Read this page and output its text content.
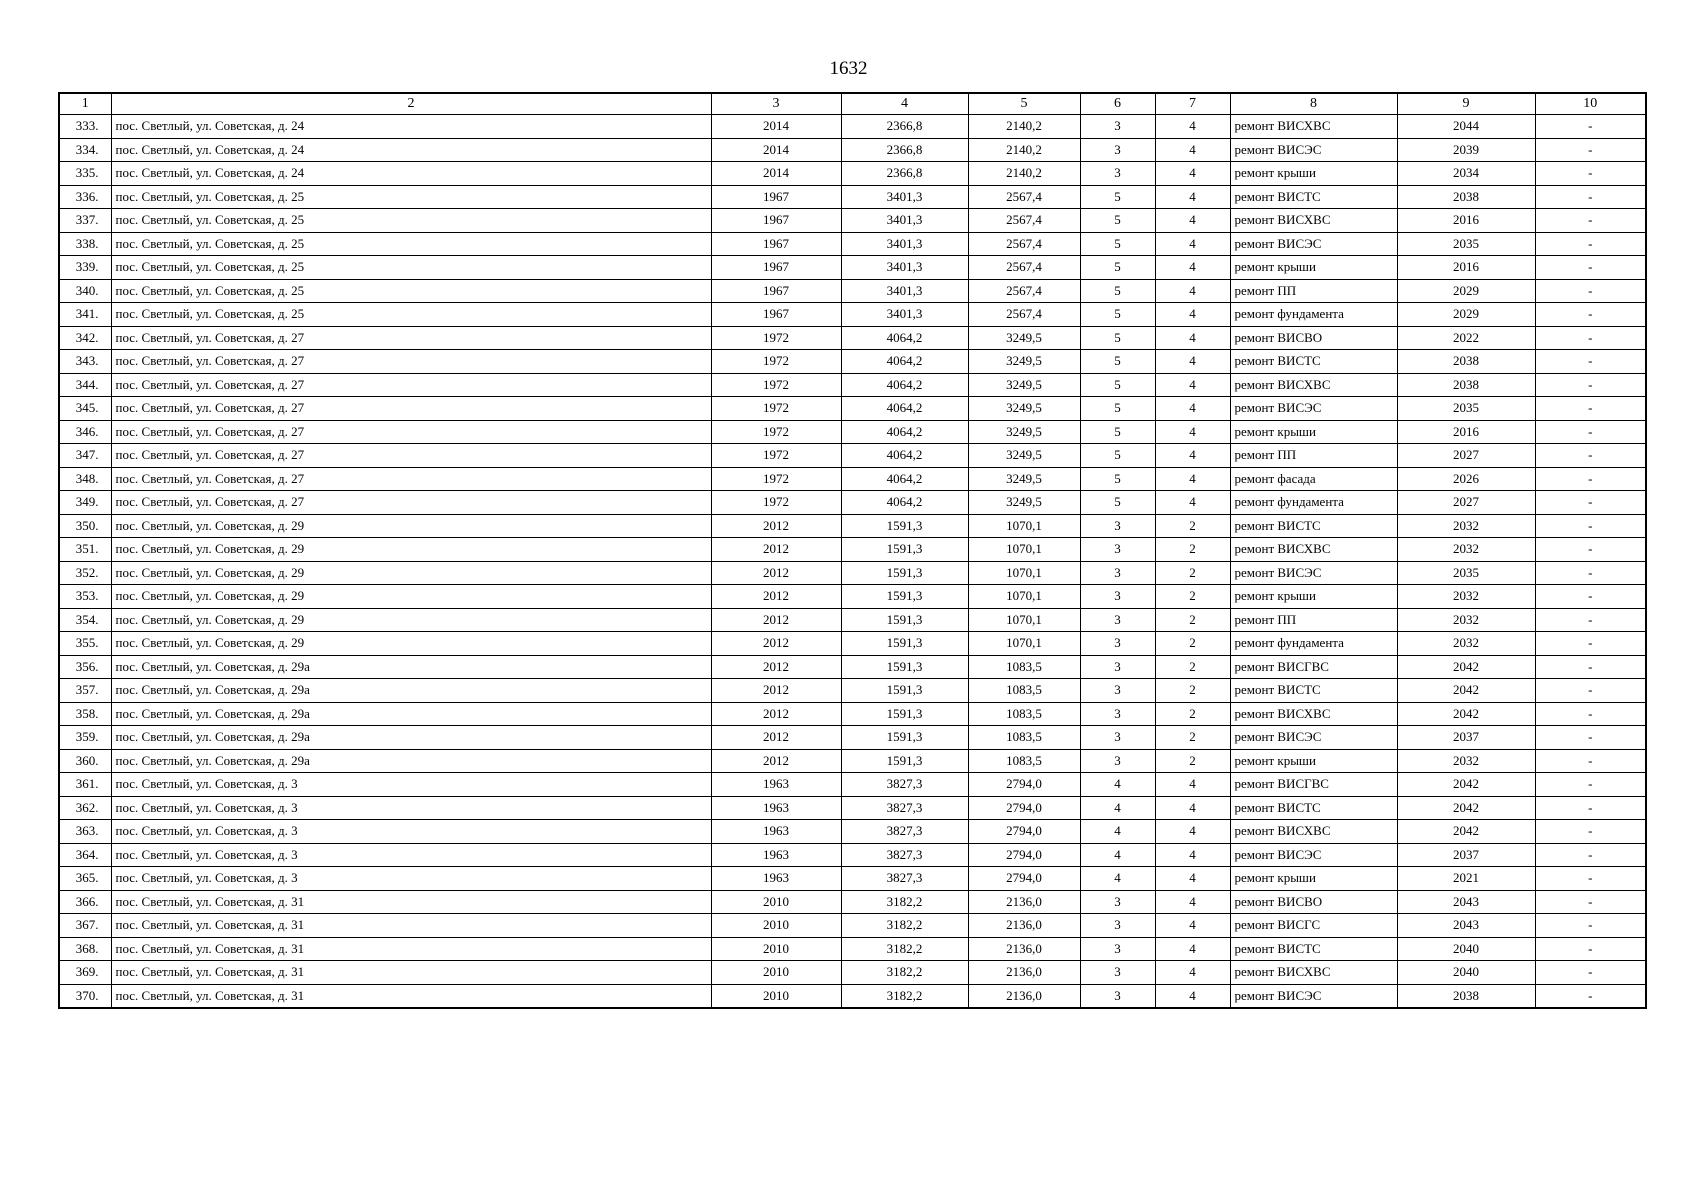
1632
1	2	3	4	5	6	7	8	9	10
333.	пос. Светлый, ул. Советская, д. 24	2014	2366,8	2140,2	3	4	ремонт ВИСХВС	2044	-
334.	пос. Светлый, ул. Советская, д. 24	2014	2366,8	2140,2	3	4	ремонт ВИСЭС	2039	-
335.	пос. Светлый, ул. Советская, д. 24	2014	2366,8	2140,2	3	4	ремонт крыши	2034	-
336.	пос. Светлый, ул. Советская, д. 25	1967	3401,3	2567,4	5	4	ремонт ВИСТС	2038	-
337.	пос. Светлый, ул. Советская, д. 25	1967	3401,3	2567,4	5	4	ремонт ВИСХВС	2016	-
338.	пос. Светлый, ул. Советская, д. 25	1967	3401,3	2567,4	5	4	ремонт ВИСЭС	2035	-
339.	пос. Светлый, ул. Советская, д. 25	1967	3401,3	2567,4	5	4	ремонт крыши	2016	-
340.	пос. Светлый, ул. Советская, д. 25	1967	3401,3	2567,4	5	4	ремонт ПП	2029	-
341.	пос. Светлый, ул. Советская, д. 25	1967	3401,3	2567,4	5	4	ремонт фундамента	2029	-
342.	пос. Светлый, ул. Советская, д. 27	1972	4064,2	3249,5	5	4	ремонт ВИСВО	2022	-
343.	пос. Светлый, ул. Советская, д. 27	1972	4064,2	3249,5	5	4	ремонт ВИСТС	2038	-
344.	пос. Светлый, ул. Советская, д. 27	1972	4064,2	3249,5	5	4	ремонт ВИСХВС	2038	-
345.	пос. Светлый, ул. Советская, д. 27	1972	4064,2	3249,5	5	4	ремонт ВИСЭС	2035	-
346.	пос. Светлый, ул. Советская, д. 27	1972	4064,2	3249,5	5	4	ремонт крыши	2016	-
347.	пос. Светлый, ул. Советская, д. 27	1972	4064,2	3249,5	5	4	ремонт ПП	2027	-
348.	пос. Светлый, ул. Советская, д. 27	1972	4064,2	3249,5	5	4	ремонт фасада	2026	-
349.	пос. Светлый, ул. Советская, д. 27	1972	4064,2	3249,5	5	4	ремонт фундамента	2027	-
350.	пос. Светлый, ул. Советская, д. 29	2012	1591,3	1070,1	3	2	ремонт ВИСТС	2032	-
351.	пос. Светлый, ул. Советская, д. 29	2012	1591,3	1070,1	3	2	ремонт ВИСХВС	2032	-
352.	пос. Светлый, ул. Советская, д. 29	2012	1591,3	1070,1	3	2	ремонт ВИСЭС	2035	-
353.	пос. Светлый, ул. Советская, д. 29	2012	1591,3	1070,1	3	2	ремонт крыши	2032	-
354.	пос. Светлый, ул. Советская, д. 29	2012	1591,3	1070,1	3	2	ремонт ПП	2032	-
355.	пос. Светлый, ул. Советская, д. 29	2012	1591,3	1070,1	3	2	ремонт фундамента	2032	-
356.	пос. Светлый, ул. Советская, д. 29а	2012	1591,3	1083,5	3	2	ремонт ВИСГВС	2042	-
357.	пос. Светлый, ул. Советская, д. 29а	2012	1591,3	1083,5	3	2	ремонт ВИСТС	2042	-
358.	пос. Светлый, ул. Советская, д. 29а	2012	1591,3	1083,5	3	2	ремонт ВИСХВС	2042	-
359.	пос. Светлый, ул. Советская, д. 29а	2012	1591,3	1083,5	3	2	ремонт ВИСЭС	2037	-
360.	пос. Светлый, ул. Советская, д. 29а	2012	1591,3	1083,5	3	2	ремонт крыши	2032	-
361.	пос. Светлый, ул. Советская, д. 3	1963	3827,3	2794,0	4	4	ремонт ВИСГВС	2042	-
362.	пос. Светлый, ул. Советская, д. 3	1963	3827,3	2794,0	4	4	ремонт ВИСТС	2042	-
363.	пос. Светлый, ул. Советская, д. 3	1963	3827,3	2794,0	4	4	ремонт ВИСХВС	2042	-
364.	пос. Светлый, ул. Советская, д. 3	1963	3827,3	2794,0	4	4	ремонт ВИСЭС	2037	-
365.	пос. Светлый, ул. Советская, д. 3	1963	3827,3	2794,0	4	4	ремонт крыши	2021	-
366.	пос. Светлый, ул. Советская, д. 31	2010	3182,2	2136,0	3	4	ремонт ВИСВО	2043	-
367.	пос. Светлый, ул. Советская, д. 31	2010	3182,2	2136,0	3	4	ремонт ВИСГС	2043	-
368.	пос. Светлый, ул. Советская, д. 31	2010	3182,2	2136,0	3	4	ремонт ВИСТС	2040	-
369.	пос. Светлый, ул. Советская, д. 31	2010	3182,2	2136,0	3	4	ремонт ВИСХВС	2040	-
370.	пос. Светлый, ул. Советская, д. 31	2010	3182,2	2136,0	3	4	ремонт ВИСЭС	2038	-
